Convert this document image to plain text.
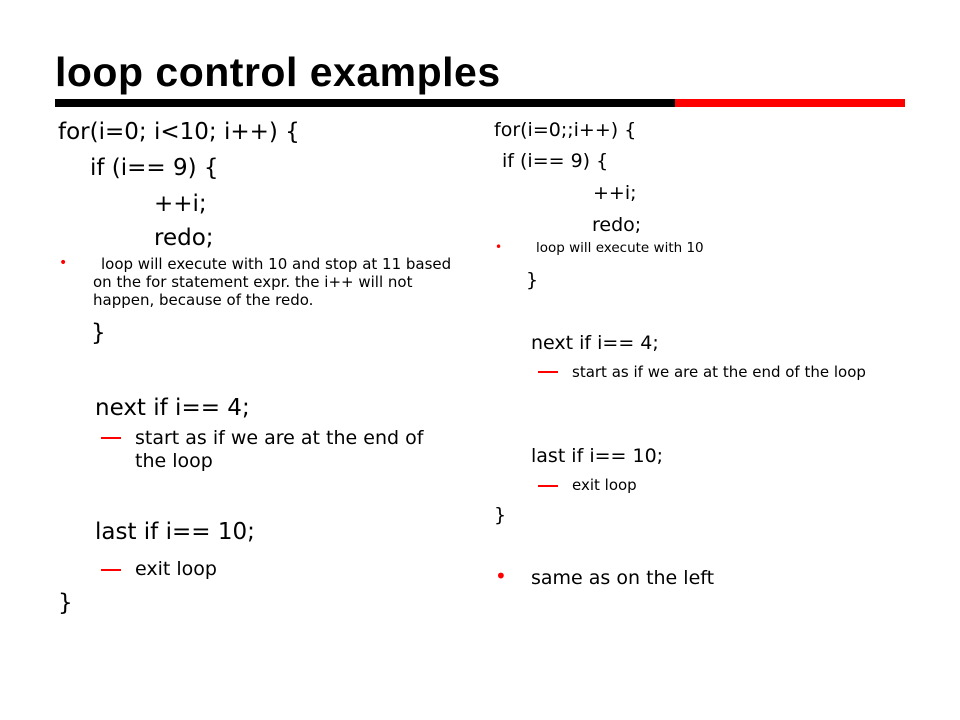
loop control examples
for(i=0; i<10; i++) {
if (i== 9) {
++i;
redo;
•	loop will execute with 10 and stop at 11 based on the for statement expr. the i++ will not happen, because of the redo.
}
next if i== 4;
start as if we are at the end of the loop
last if i== 10;
exit loop
}
for(i=0;;i++) {
if (i== 9) {
++i;
redo;
•	loop will execute with 10
}
next if i== 4;
start as if we are at the end of the loop
last if i== 10;
exit loop
}
• same as on the left
